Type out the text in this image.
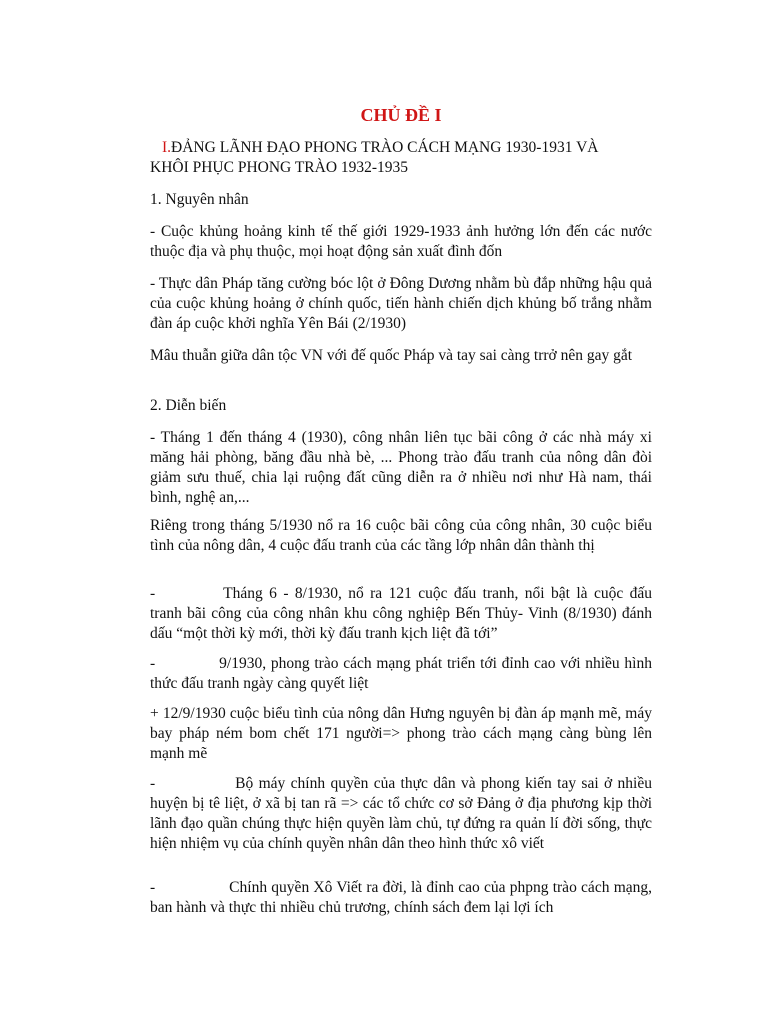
CHỦ ĐỀ I
I.ĐẢNG LÃNH ĐẠO PHONG TRÀO CÁCH MẠNG 1930-1931 VÀ
KHÔI PHỤC PHONG TRÀO 1932-1935
1. Nguyên nhân
- Cuộc khủng hoảng kinh tế thế giới 1929-1933 ảnh hưởng lớn đến các nước thuộc địa và phụ thuộc, mọi hoạt động sản xuất đình đốn
- Thực dân Pháp tăng cường bóc lột ở Đông Dương nhằm bù đắp những hậu quả của cuộc khủng hoảng ở chính quốc, tiến hành chiến dịch khủng bố trắng nhằm đàn áp cuộc khởi nghĩa Yên Bái (2/1930)
Mâu thuẫn giữa dân tộc VN với đế quốc Pháp và tay sai càng trrở nên gay gắt
2. Diễn biến
- Tháng 1 đến tháng 4 (1930), công nhân liên tục bãi công ở các nhà máy xi măng hải phòng, băng đầu nhà bè, ... Phong trào đấu tranh của nông dân đòi giảm sưu thuế, chia lại ruộng đất cũng diễn ra ở nhiều nơi như Hà nam, thái bình, nghệ an,...
Riêng trong tháng 5/1930 nổ ra 16 cuộc bãi công của công nhân, 30 cuộc biểu tình của nông dân, 4 cuộc đấu tranh của các tầng lớp nhân dân thành thị
-	Tháng 6 - 8/1930, nổ ra 121 cuộc đấu tranh, nổi bật là cuộc đấu tranh bãi công của công nhân khu công nghiệp Bến Thủy- Vinh (8/1930) đánh dấu “một thời kỳ mới, thời kỳ đấu tranh kịch liệt đã tới”
-	9/1930, phong trào cách mạng phát triển tới đỉnh cao với nhiều hình thức đấu tranh ngày càng quyết liệt
+ 12/9/1930 cuộc biểu tình của nông dân Hưng nguyên bị đàn áp mạnh mẽ, máy bay pháp ném bom chết 171 người=> phong trào cách mạng càng bùng lên mạnh mẽ
-	Bộ máy chính quyền của thực dân và phong kiến tay sai ở nhiều huyện bị tê liệt, ở xã bị tan rã => các tổ chức cơ sở Đảng ở địa phương kịp thời lãnh đạo quần chúng thực hiện quyền làm chủ, tự đứng ra quản lí đời sống, thực hiện nhiệm vụ của chính quyền nhân dân theo hình thức xô viết
-	Chính quyền Xô Viết ra đời, là đỉnh cao của phpng trào cách mạng, ban hành và thực thi nhiều chủ trương, chính sách đem lại lợi ích
